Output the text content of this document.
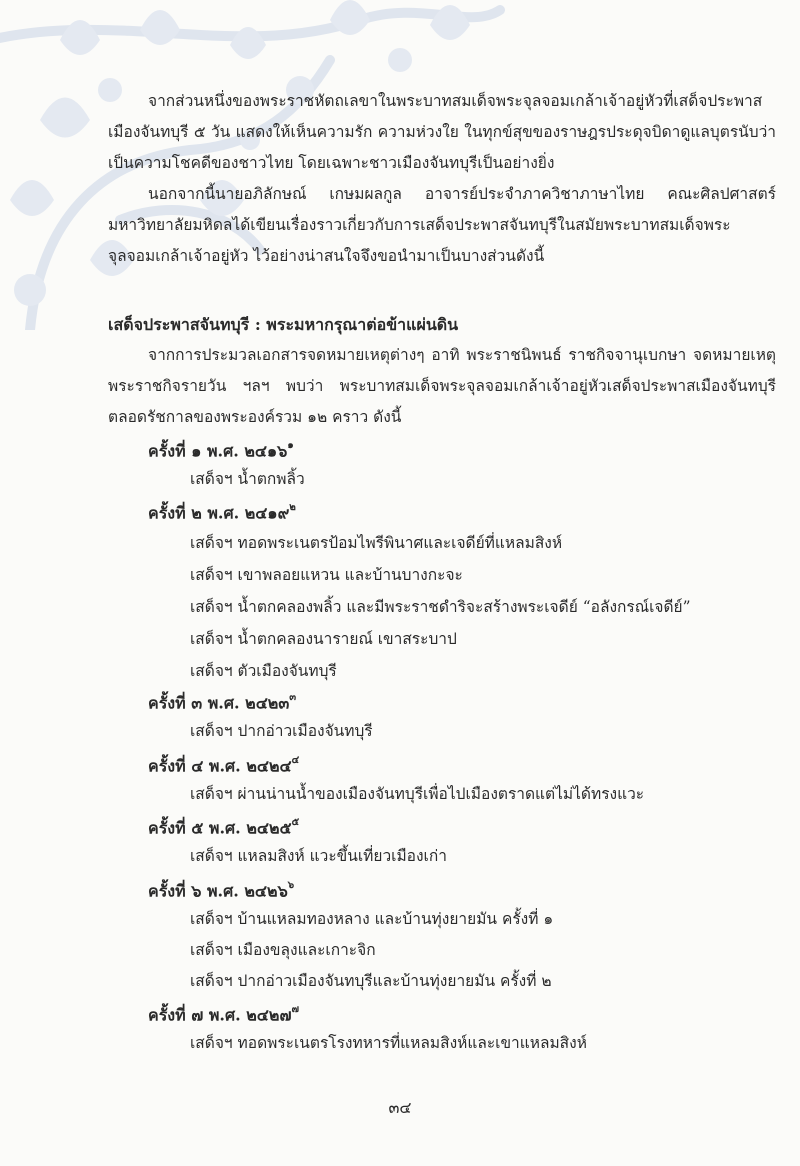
จากส่วนหนึ่งของพระราชหัตถเลขาในพระบาทสมเด็จพระจุลจอมเกล้าเจ้าอยู่หัวที่เสด็จประพาสเมืองจันทบุรี ๕ วัน แสดงให้เห็นความรัก ความห่วงใย ในทุกข์สุขของราษฎรประดุจบิดาดูแลบุตรนับว่าเป็นความโชคดีของชาวไทย โดยเฉพาะชาวเมืองจันทบุรีเป็นอย่างยิ่ง

นอกจากนี้นายอภิลักษณ์ เกษมผลกูล อาจารย์ประจำภาควิชาภาษาไทย คณะศิลปศาสตร์ มหาวิทยาลัยมหิดลได้เขียนเรื่องราวเกี่ยวกับการเสด็จประพาสจันทบุรีในสมัยพระบาทสมเด็จพระจุลจอมเกล้าเจ้าอยู่หัว ไว้อย่างน่าสนใจจึงขอนำมาเป็นบางส่วนดังนี้

เสด็จประพาสจันทบุรี : พระมหากรุณาต่อข้าแผ่นดิน

จากการประมวลเอกสารจดหมายเหตุต่างๆ อาทิ พระราชนิพนธ์ ราชกิจจานุเบกษา จดหมายเหตุพระราชกิจรายวัน ฯลฯ พบว่า พระบาทสมเด็จพระจุลจอมเกล้าเจ้าอยู่หัวเสด็จประพาสเมืองจันทบุรีตลอดรัชกาลของพระองค์รวม ๑๒ คราว ดังนี้

ครั้งที่ ๑ พ.ศ. ๒๔๑๖$^๑$
เสด็จฯ น้ำตกพลิ้ว
ครั้งที่ ๒ พ.ศ. ๒๔๑๙$^๒$
เสด็จฯ ทอดพระเนตรป้อมไพรีพินาศและเจดีย์ที่แหลมสิงห์
เสด็จฯ เขาพลอยแหวน และบ้านบางกะจะ
เสด็จฯ น้ำตกคลองพลิ้ว และมีพระราชดำริจะสร้างพระเจดีย์ “อลังกรณ์เจดีย์”
เสด็จฯ น้ำตกคลองนารายณ์ เขาสระบาป
เสด็จฯ ตัวเมืองจันทบุรี
ครั้งที่ ๓ พ.ศ. ๒๔๒๓$^๓$
เสด็จฯ ปากอ่าวเมืองจันทบุรี
ครั้งที่ ๔ พ.ศ. ๒๔๒๔$^๔$
เสด็จฯ ผ่านน่านน้ำของเมืองจันทบุรีเพื่อไปเมืองตราดแต่ไม่ได้ทรงแวะ
ครั้งที่ ๕ พ.ศ. ๒๔๒๕$^๕$
เสด็จฯ แหลมสิงห์ แวะขึ้นเที่ยวเมืองเก่า
ครั้งที่ ๖ พ.ศ. ๒๔๒๖$^๖$
เสด็จฯ บ้านแหลมทองหลาง และบ้านทุ่งยายมัน ครั้งที่ ๑
เสด็จฯ เมืองขลุงและเกาะจิก
เสด็จฯ ปากอ่าวเมืองจันทบุรีและบ้านทุ่งยายมัน ครั้งที่ ๒
ครั้งที่ ๗ พ.ศ. ๒๔๒๗$^๗$
เสด็จฯ ทอดพระเนตรโรงทหารที่แหลมสิงห์และเขาแหลมสิงห์
๓๔
